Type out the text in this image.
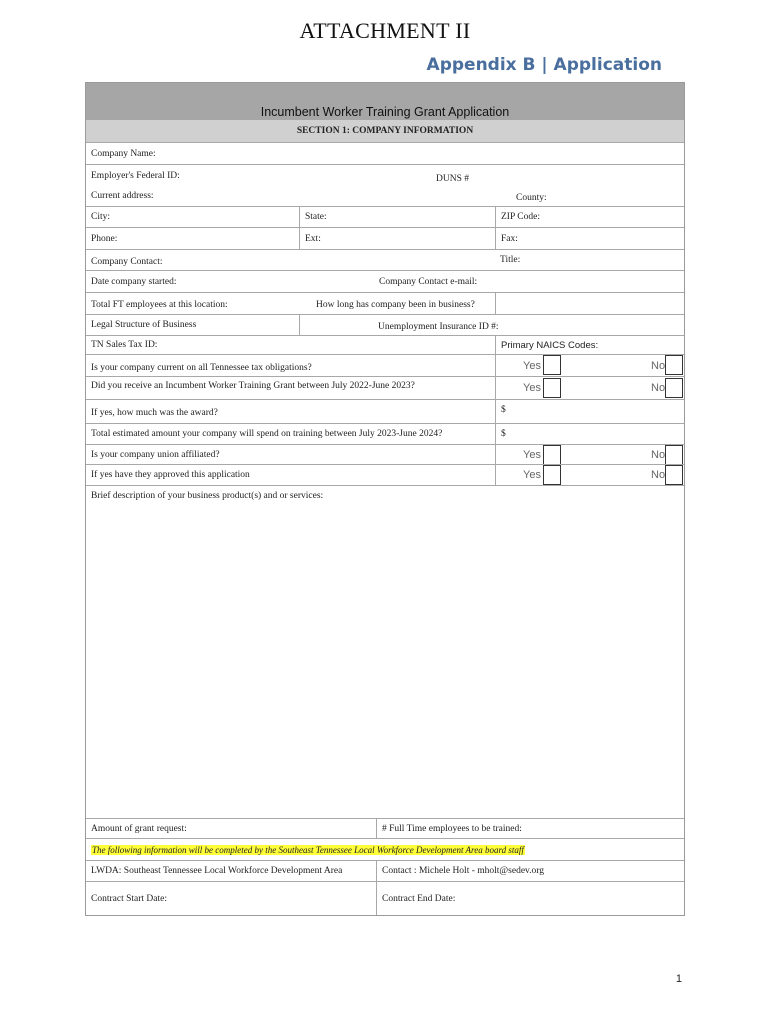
ATTACHMENT II
Appendix B | Application
Incumbent Worker Training Grant Application
SECTION 1: COMPANY INFORMATION
Company Name:
Employer's Federal ID:	DUNS #
Current address:	County:
City:	State:	ZIP Code:
Phone:	Ext:	Fax:
Company Contact:	Title:
Date company started:	Company Contact e-mail:
Total FT employees at this location:	How long has company been in business?
Legal Structure of Business	Unemployment Insurance ID #:
TN Sales Tax ID:	Primary NAICS Codes:
Is your company current on all Tennessee tax obligations?	Yes	No
Did you receive an Incumbent Worker Training Grant between July 2022-June 2023?	Yes	No
If yes, how much was the award?	$
Total estimated amount your company will spend on training between July 2023-June 2024?	$
Is your company union affiliated?	Yes	No
If yes have they approved this application	Yes	No
Brief description of your business product(s) and or services:
Amount of grant request:	# Full Time employees to be trained:
The following information will be completed by the Southeast Tennessee Local Workforce Development Area board staff
LWDA: Southeast Tennessee Local Workforce Development Area	Contact : Michele Holt - mholt@sedev.org
Contract Start Date:	Contract End Date:
1
